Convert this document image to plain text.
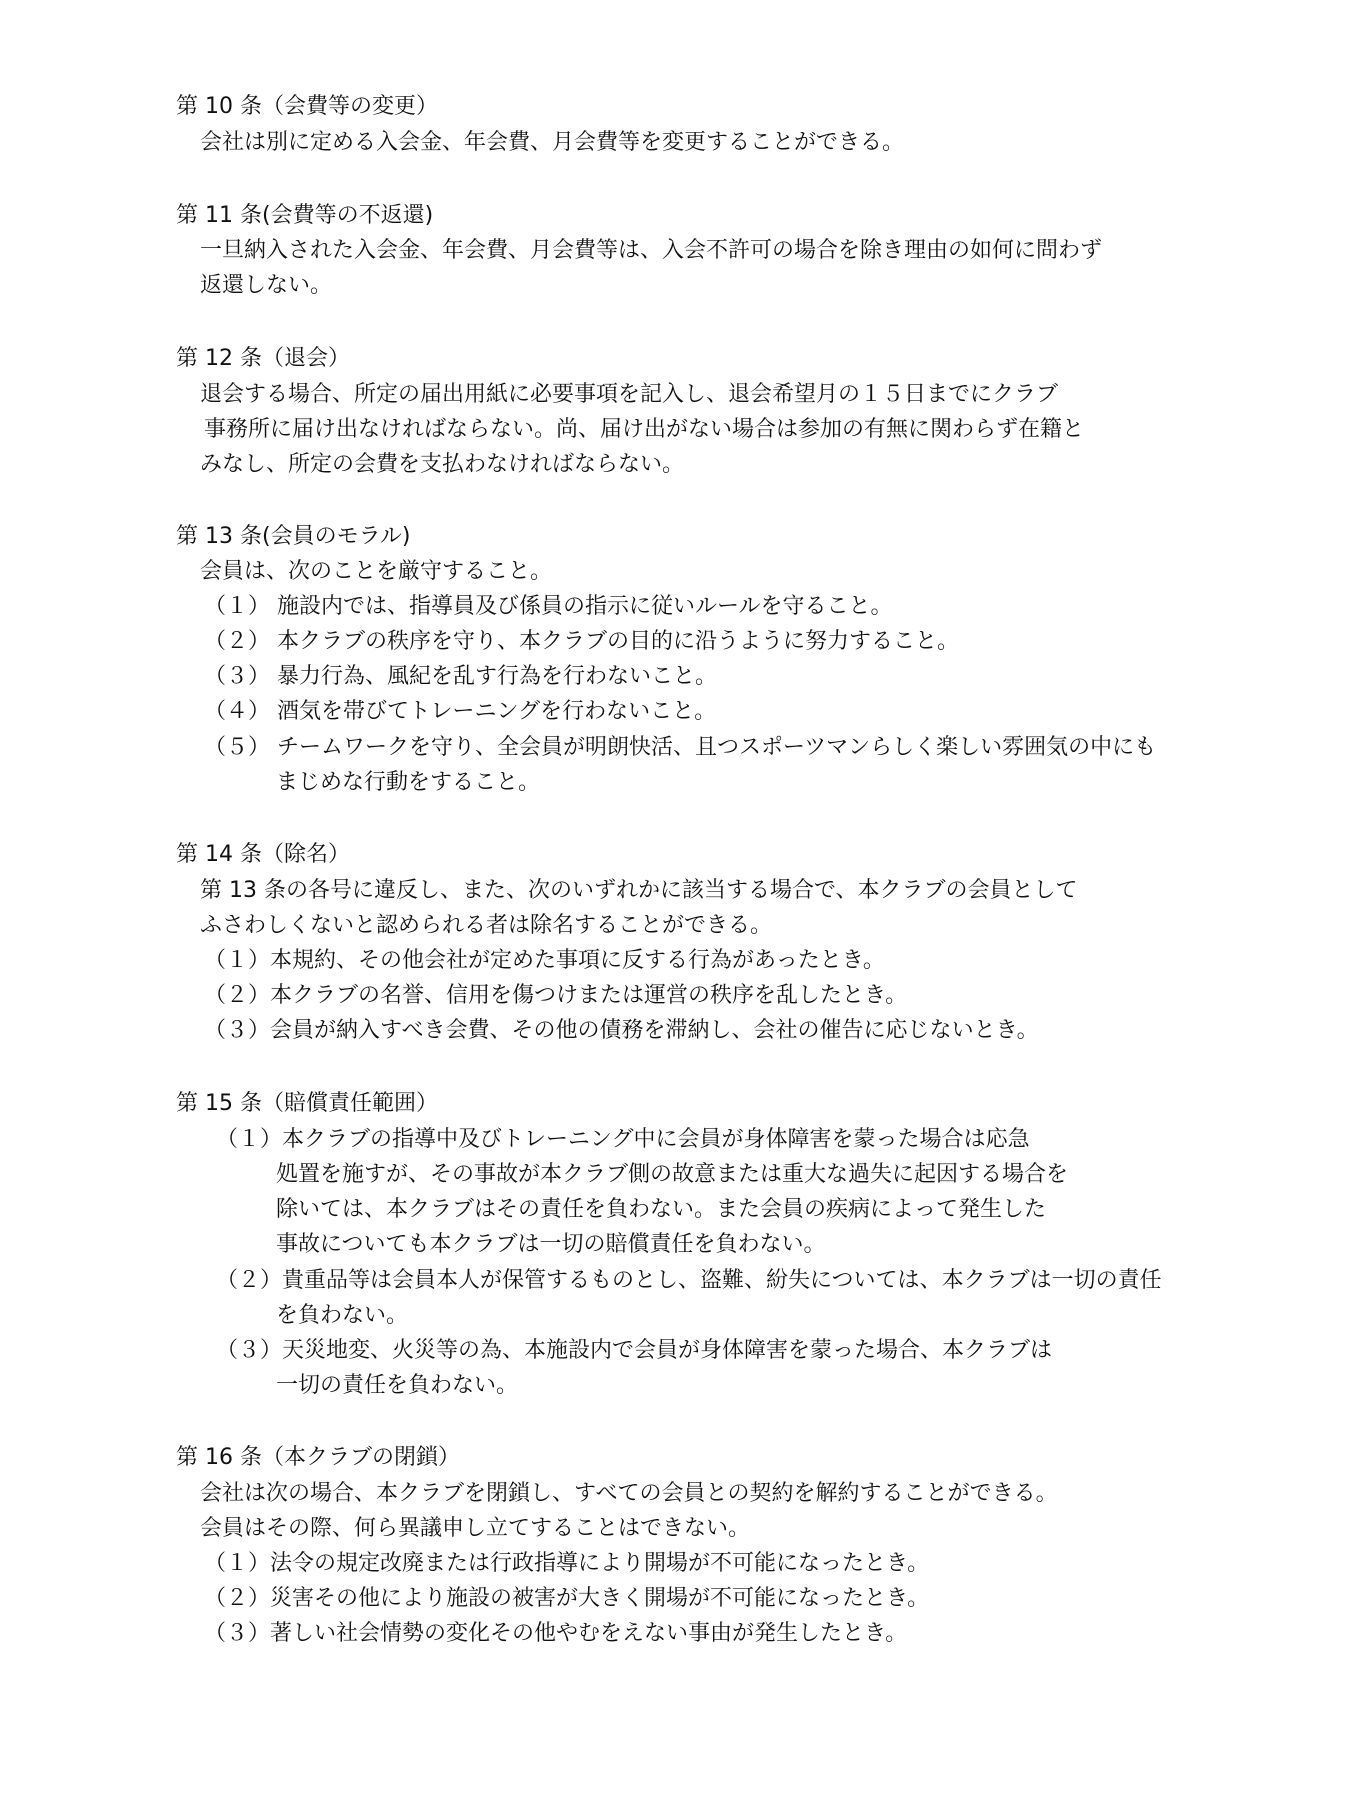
第 10 条（会費等の変更）
会社は別に定める入会金、年会費、月会費等を変更することができる。
第 11 条(会費等の不返還)
一旦納入された入会金、年会費、月会費等は、入会不許可の場合を除き理由の如何に問わず
返還しない。
第 12 条（退会）
退会する場合、所定の届出用紙に必要事項を記入し、退会希望月の１５日までにクラブ
事務所に届け出なければならない。尚、届け出がない場合は参加の有無に関わらず在籍と
みなし、所定の会費を支払わなければならない。
第 13 条(会員のモラル)
会員は、次のことを厳守すること。
（１） 施設内では、指導員及び係員の指示に従いルールを守ること。
（２） 本クラブの秩序を守り、本クラブの目的に沿うように努力すること。
（３） 暴力行為、風紀を乱す行為を行わないこと。
（４） 酒気を帯びてトレーニングを行わないこと。
（５） チームワークを守り、全会員が明朗快活、且つスポーツマンらしく楽しい雰囲気の中にも
まじめな行動をすること。
第 14 条（除名）
第 13 条の各号に違反し、また、次のいずれかに該当する場合で、本クラブの会員として
ふさわしくないと認められる者は除名することができる。
（１）本規約、その他会社が定めた事項に反する行為があったとき。
（２）本クラブの名誉、信用を傷つけまたは運営の秩序を乱したとき。
（３）会員が納入すべき会費、その他の債務を滞納し、会社の催告に応じないとき。
第 15 条（賠償責任範囲）
（１）本クラブの指導中及びトレーニング中に会員が身体障害を蒙った場合は応急
処置を施すが、その事故が本クラブ側の故意または重大な過失に起因する場合を
除いては、本クラブはその責任を負わない。また会員の疾病によって発生した
事故についても本クラブは一切の賠償責任を負わない。
（２）貴重品等は会員本人が保管するものとし、盗難、紛失については、本クラブは一切の責任
を負わない。
（３）天災地変、火災等の為、本施設内で会員が身体障害を蒙った場合、本クラブは
一切の責任を負わない。
第 16 条（本クラブの閉鎖）
会社は次の場合、本クラブを閉鎖し、すべての会員との契約を解約することができる。
会員はその際、何ら異議申し立てすることはできない。
（１）法令の規定改廃または行政指導により開場が不可能になったとき。
（２）災害その他により施設の被害が大きく開場が不可能になったとき。
（３）著しい社会情勢の変化その他やむをえない事由が発生したとき。
